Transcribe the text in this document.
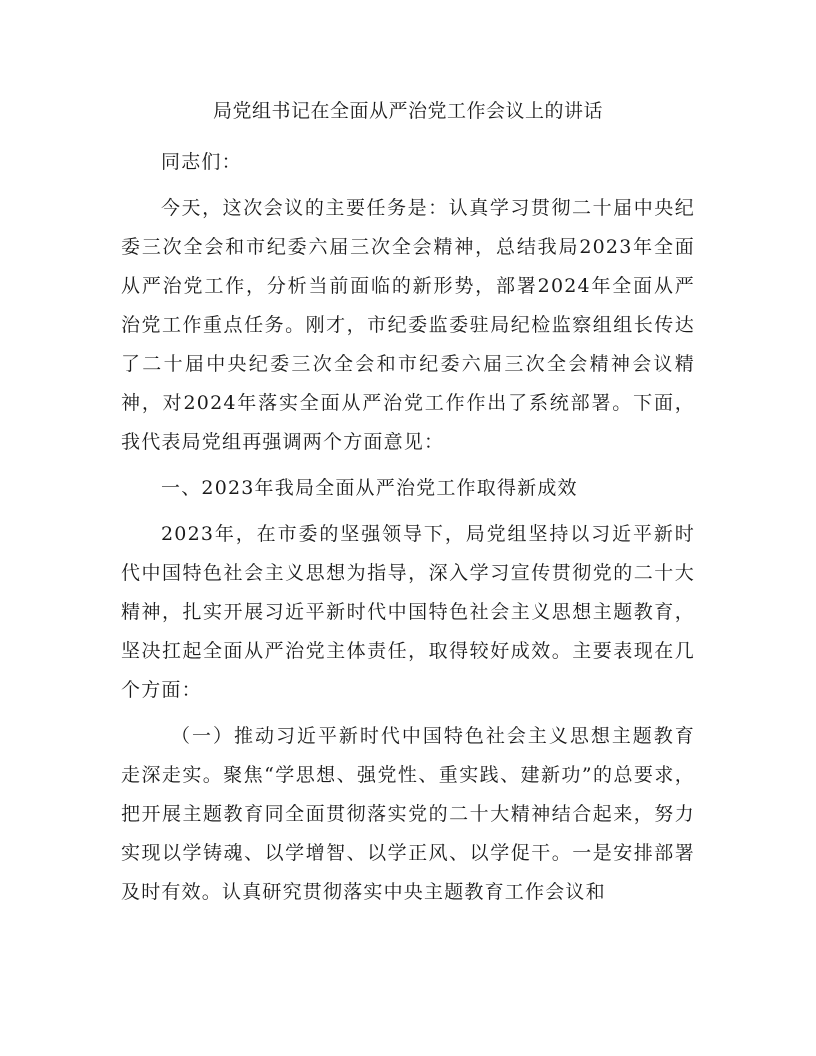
局党组书记在全面从严治党工作会议上的讲话

同志们：

今天，这次会议的主要任务是：认真学习贯彻二十届中央纪委三次全会和市纪委六届三次全会精神，总结我局2023年全面从严治党工作，分析当前面临的新形势，部署2024年全面从严治党工作重点任务。刚才，市纪委监委驻局纪检监察组组长传达了二十届中央纪委三次全会和市纪委六届三次全会精神会议精神，对2024年落实全面从严治党工作作出了系统部署。下面，我代表局党组再强调两个方面意见：

一、2023年我局全面从严治党工作取得新成效

2023年，在市委的坚强领导下，局党组坚持以习近平新时代中国特色社会主义思想为指导，深入学习宣传贯彻党的二十大精神，扎实开展习近平新时代中国特色社会主义思想主题教育，坚决扛起全面从严治党主体责任，取得较好成效。主要表现在几个方面：

（一）推动习近平新时代中国特色社会主义思想主题教育走深走实。聚焦“学思想、强党性、重实践、建新功”的总要求，把开展主题教育同全面贯彻落实党的二十大精神结合起来，努力实现以学铸魂、以学增智、以学正风、以学促干。一是安排部署及时有效。认真研究贯彻落实中央主题教育工作会议和
